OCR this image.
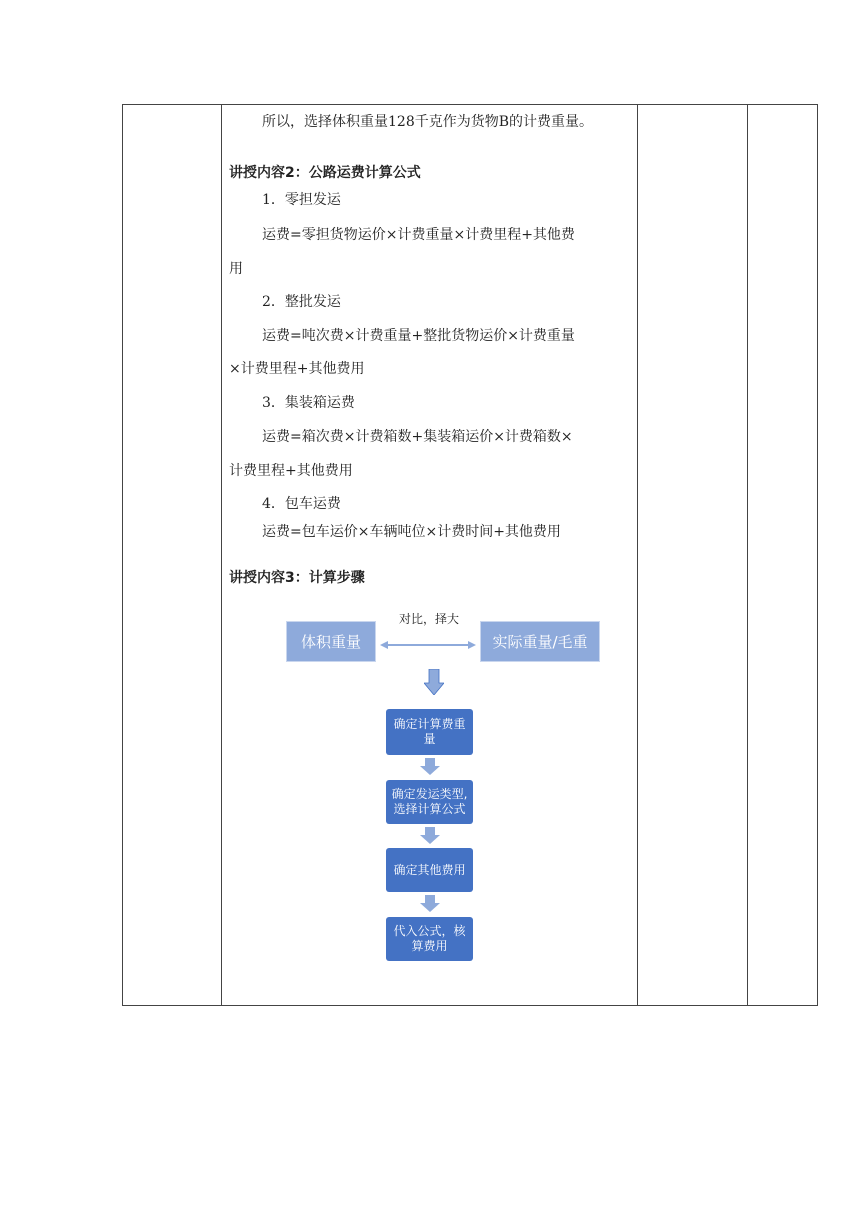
所以，选择体积重量128千克作为货物B的计费重量。
讲授内容2：公路运费计算公式
1．零担发运
运费=零担货物运价×计费重量×计费里程+其他费
用
2．整批发运
运费=吨次费×计费重量+整批货物运价×计费重量
×计费里程+其他费用
3．集装箱运费
运费=箱次费×计费箱数+集装箱运价×计费箱数×
计费里程+其他费用
4．包车运费
运费=包车运价×车辆吨位×计费时间+其他费用
讲授内容3：计算步骤
体积重量	实际重量/毛重
对比，择大
确定计算费重
量
确定发运类型,
选择计算公式
确定其他费用
代入公式，核
算费用
